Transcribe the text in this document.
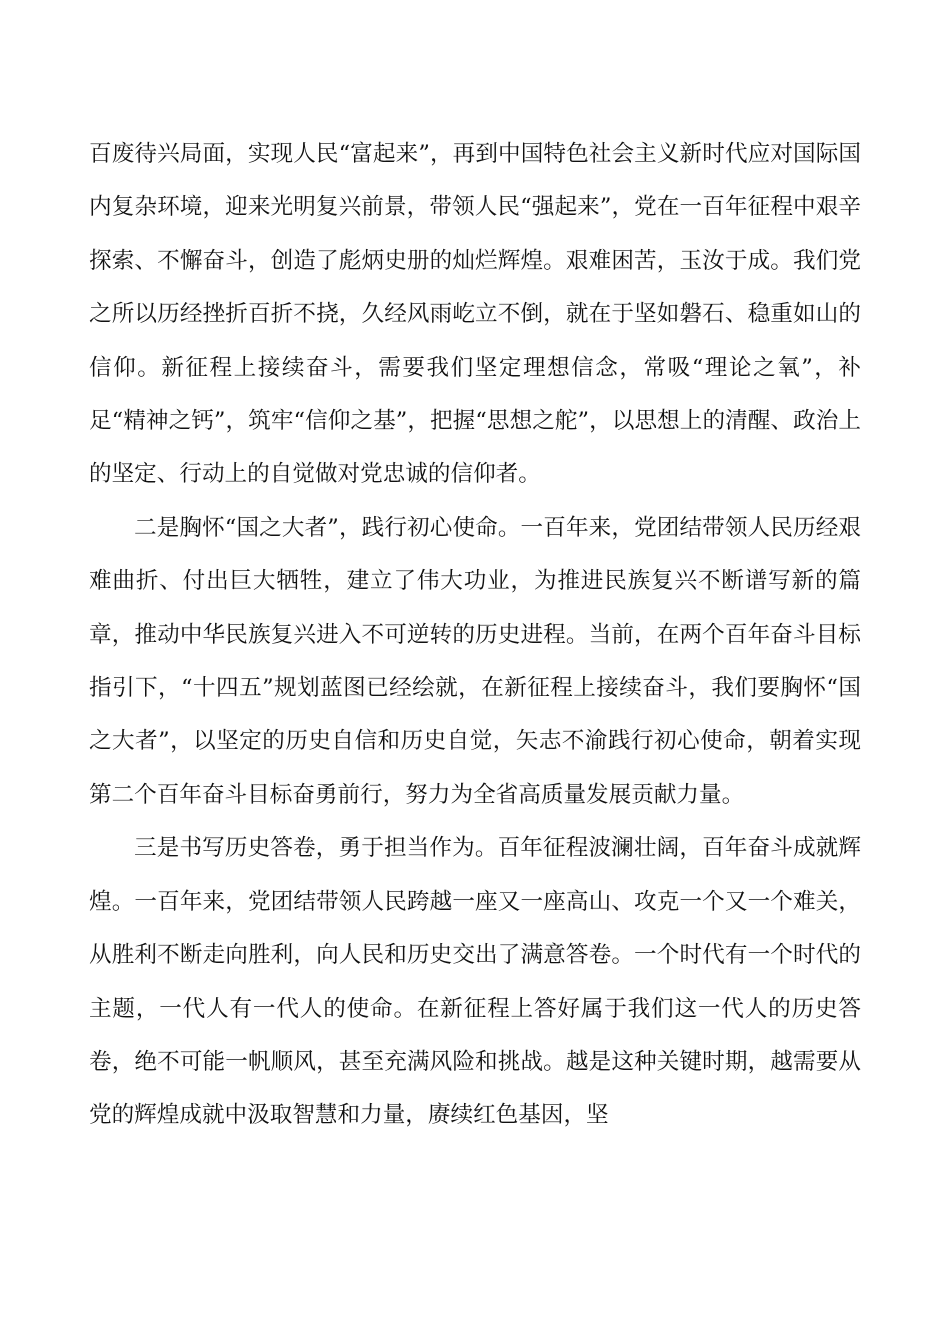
百废待兴局面，实现人民“富起来”，再到中国特色社会主义新时代应对国际国内复杂环境，迎来光明复兴前景，带领人民“强起来”，党在一百年征程中艰辛探索、不懈奋斗，创造了彪炳史册的灿烂辉煌。艰难困苦，玉汝于成。我们党之所以历经挫折百折不挠，久经风雨屹立不倒，就在于坚如磐石、稳重如山的信仰。新征程上接续奋斗，需要我们坚定理想信念，常吸“理论之氧”，补足“精神之钙”，筑牢“信仰之基”，把握“思想之舵”，以思想上的清醒、政治上的坚定、行动上的自觉做对党忠诚的信仰者。

二是胸怀“国之大者”，践行初心使命。一百年来，党团结带领人民历经艰难曲折、付出巨大牺牲，建立了伟大功业，为推进民族复兴不断谱写新的篇章，推动中华民族复兴进入不可逆转的历史进程。当前，在两个百年奋斗目标指引下，“十四五”规划蓝图已经绘就，在新征程上接续奋斗，我们要胸怀“国之大者”，以坚定的历史自信和历史自觉，矢志不渝践行初心使命，朝着实现第二个百年奋斗目标奋勇前行，努力为全省高质量发展贡献力量。

三是书写历史答卷，勇于担当作为。百年征程波澜壮阔，百年奋斗成就辉煌。一百年来，党团结带领人民跨越一座又一座高山、攻克一个又一个难关，从胜利不断走向胜利，向人民和历史交出了满意答卷。一个时代有一个时代的主题，一代人有一代人的使命。在新征程上答好属于我们这一代人的历史答卷，绝不可能一帆顺风，甚至充满风险和挑战。越是这种关键时期，越需要从党的辉煌成就中汲取智慧和力量，赓续红色基因，坚
